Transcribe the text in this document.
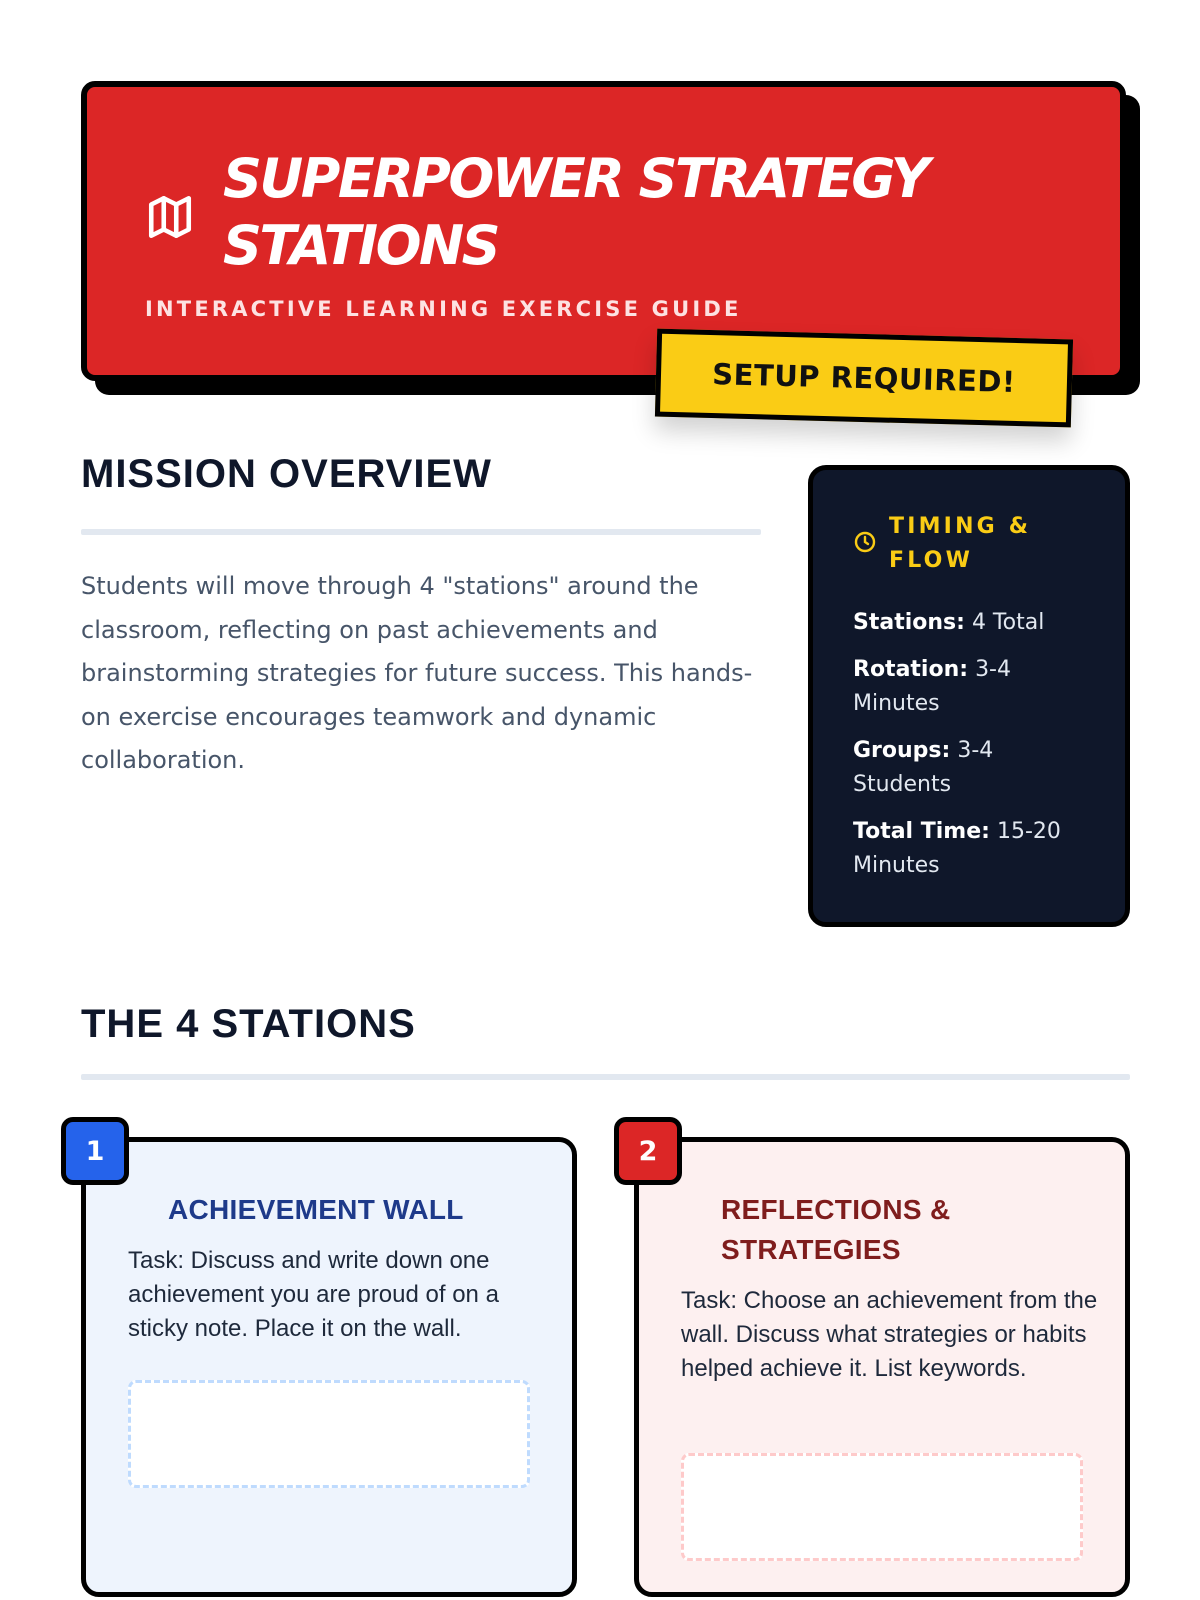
SUPERPOWER STRATEGY STATIONS
INTERACTIVE LEARNING EXERCISE GUIDE
SETUP REQUIRED!
MISSION OVERVIEW
Students will move through 4 "stations" around the classroom, reflecting on past achievements and brainstorming strategies for future success. This hands-on exercise encourages teamwork and dynamic collaboration.
TIMING & FLOW
Stations: 4 Total
Rotation: 3-4 Minutes
Groups: 3-4 Students
Total Time: 15-20 Minutes
THE 4 STATIONS
ACHIEVEMENT WALL
Task: Discuss and write down one achievement you are proud of on a sticky note. Place it on the wall.
1
REFLECTIONS & STRATEGIES
Task: Choose an achievement from the wall. Discuss what strategies or habits helped achieve it. List keywords.
2
